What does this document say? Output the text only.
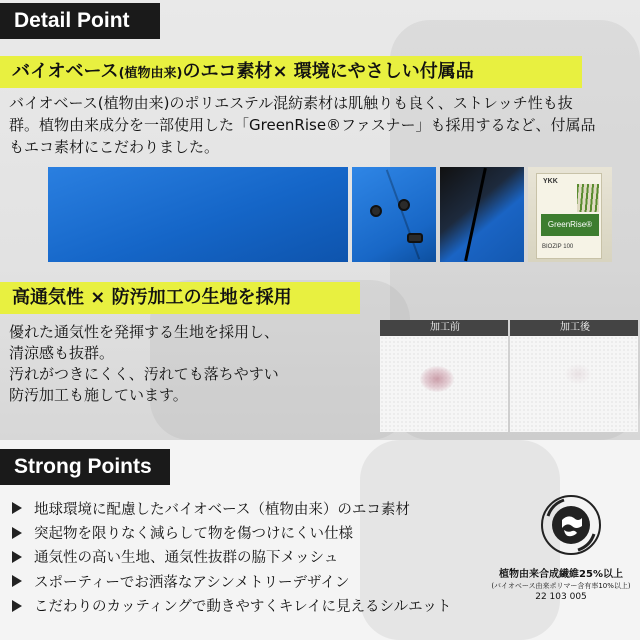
Detail Point
バイオベース(植物由来)のエコ素材× 環境にやさしい付属品
バイオベース(植物由来)のポリエステル混紡素材は肌触りも良く、ストレッチ性も抜
群。植物由来成分を一部使用した「GreenRise®ファスナー」も採用するなど、付属品
もエコ素材にこだわりました。
YKK
GreenRise®
BIOZIP 100
高通気性 × 防汚加工の生地を採用
優れた通気性を発揮する生地を採用し、
清涼感も抜群。
汚れがつきにくく、汚れても落ちやすい
防汚加工も施しています。
加工前	加工後
Strong Points
地球環境に配慮したバイオベース（植物由来）のエコ素材
突起物を限りなく減らして物を傷つけにくい仕様
通気性の高い生地、通気性抜群の脇下メッシュ
スポーティーでお洒落なアシンメトリーデザイン
こだわりのカッティングで動きやすくキレイに見えるシルエット
植物由来合成繊維25%以上
(バイオベース由来ポリマー含有率10%以上)
22 103 005
